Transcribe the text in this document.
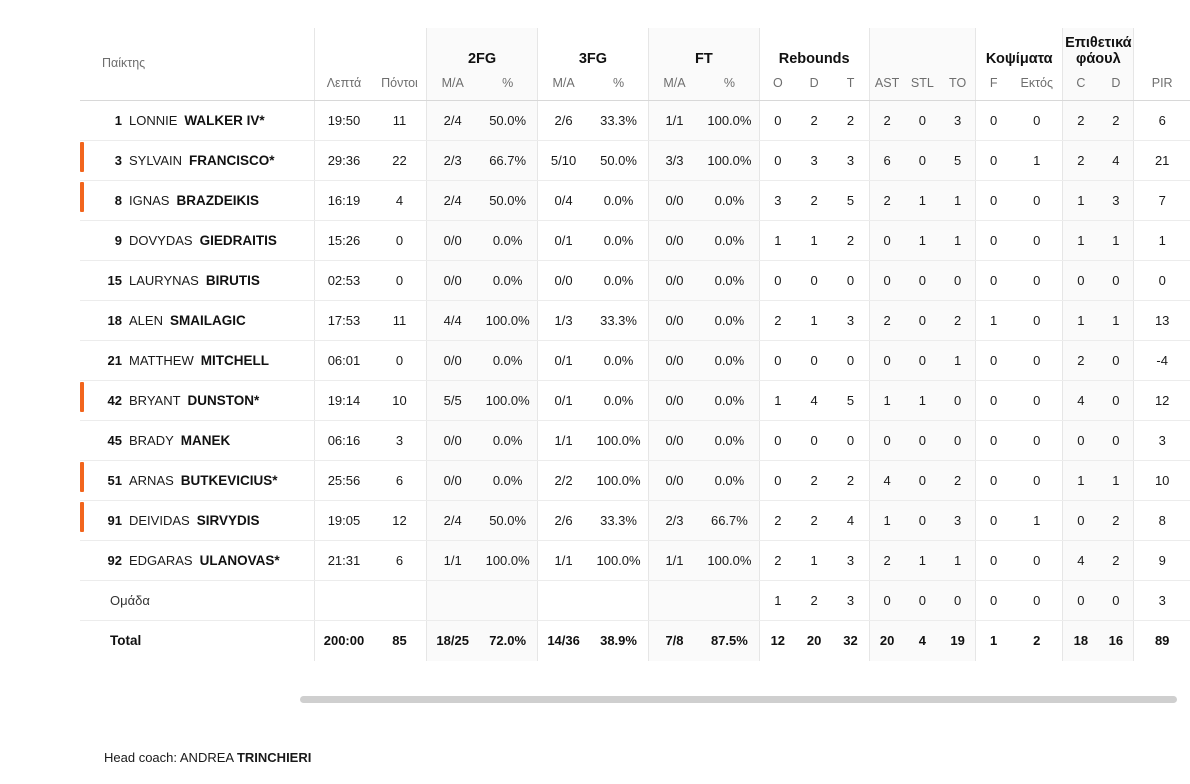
Παίκτης			2FG		3FG		FT		Rebounds						Κοψίματα		Επιθετικά φάουλ		
	Λεπτά	Πόντοι	Μ/Α	%	Μ/Α	%	Μ/Α	%	O	D	T	AST	STL	TO	F	Εκτός	C	D	PIR

1 LONNIE WALKER IV*	19:50	11	2/4	50.0%	2/6	33.3%	1/1	100.0%	0	2	2	2	0	3	0	0	2	2	6

3 SYLVAIN FRANCISCO*	29:36	22	2/3	66.7%	5/10	50.0%	3/3	100.0%	0	3	3	6	0	5	0	1	2	4	21

8 IGNAS BRAZDEIKIS	16:19	4	2/4	50.0%	0/4	0.0%	0/0	0.0%	3	2	5	2	1	1	0	0	1	3	7

9 DOVYDAS GIEDRAITIS	15:26	0	0/0	0.0%	0/1	0.0%	0/0	0.0%	1	1	2	0	1	1	0	0	1	1	1

15 LAURYNAS BIRUTIS	02:53	0	0/0	0.0%	0/0	0.0%	0/0	0.0%	0	0	0	0	0	0	0	0	0	0	0

18 ALEN SMAILAGIC	17:53	11	4/4	100.0%	1/3	33.3%	0/0	0.0%	2	1	3	2	0	2	1	0	1	1	13

21 MATTHEW MITCHELL	06:01	0	0/0	0.0%	0/1	0.0%	0/0	0.0%	0	0	0	0	0	1	0	0	2	0	-4

42 BRYANT DUNSTON*	19:14	10	5/5	100.0%	0/1	0.0%	0/0	0.0%	1	4	5	1	1	0	0	0	4	0	12

45 BRADY MANEK	06:16	3	0/0	0.0%	1/1	100.0%	0/0	0.0%	0	0	0	0	0	0	0	0	0	0	3

51 ARNAS BUTKEVICIUS*	25:56	6	0/0	0.0%	2/2	100.0%	0/0	0.0%	0	2	2	4	0	2	0	0	1	1	10

91 DEIVIDAS SIRVYDIS	19:05	12	2/4	50.0%	2/6	33.3%	2/3	66.7%	2	2	4	1	0	3	0	1	0	2	8

92 EDGARAS ULANOVAS*	21:31	6	1/1	100.0%	1/1	100.0%	1/1	100.0%	2	1	3	2	1	1	0	0	4	2	9

Ομάδα									1	2	3	0	0	0	0	0	0	0	3

Total	200:00	85	18/25	72.0%	14/36	38.9%	7/8	87.5%	12	20	32	20	4	19	1	2	18	16	89
Head coach: ANDREA TRINCHIERI
